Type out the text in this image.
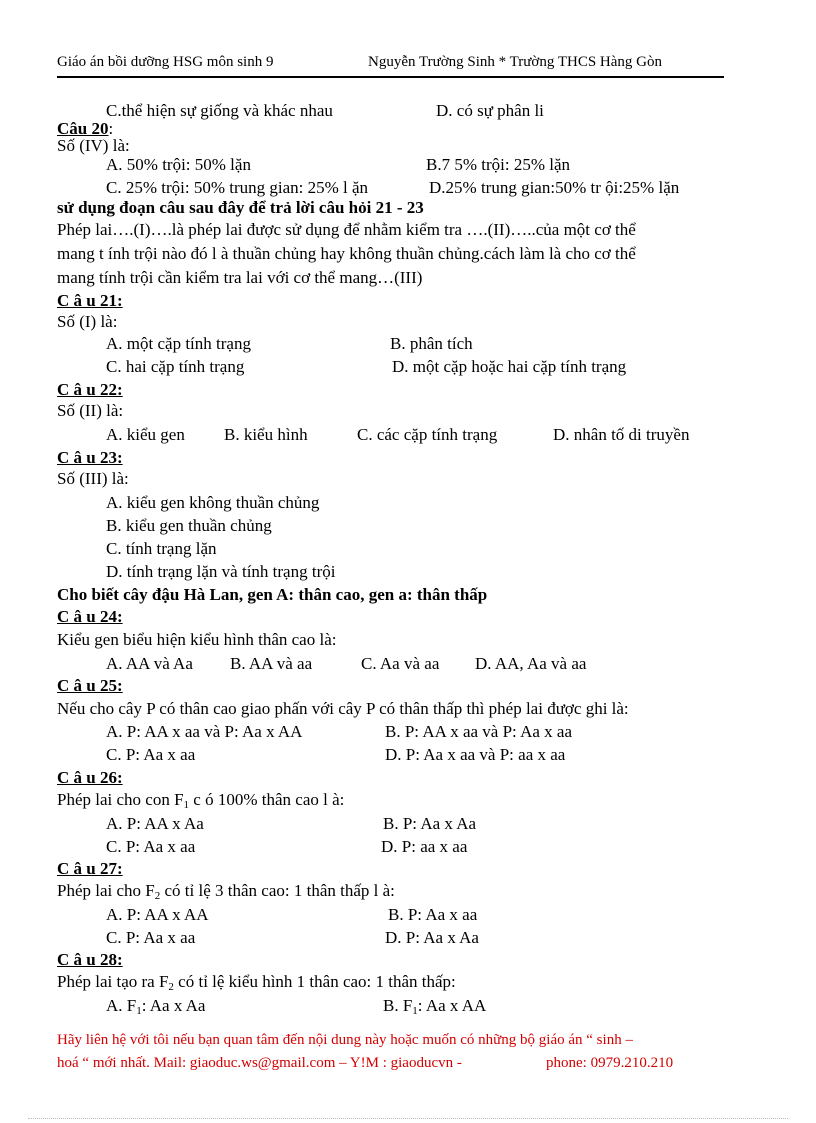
Giáo án bồi dưỡng HSG môn sinh 9	Nguyễn Trường Sinh * Trường THCS Hàng Gòn
C.thể hiện sự giống và khác nhau	D. có sự phân li
Câu 20:
Số (IV) là:
A. 50% trội: 50% lặn	B.7 5% trội: 25% lặn
C. 25% trội: 50% trung gian: 25% l ặn	D.25% trung gian:50% tr ội:25% lặn
sử dụng đoạn câu sau đây để trả lời câu hỏi 21 - 23
Phép lai….(I)….là phép lai được sử dụng để nhằm kiểm tra ….(II)…..của một cơ thể
mang t ính trội nào đó l à thuần chủng hay không thuần chủng.cách làm là cho cơ thể
mang tính trội cần kiểm tra lai với cơ thể mang…(III)
C â u 21:
Số (I) là:
A. một cặp tính trạng	B. phân tích
C. hai cặp tính trạng	D. một cặp hoặc hai cặp tính trạng
C â u 22:
Số (II) là:
A. kiểu gen B. kiểu hình	C. các cặp tính trạng	D. nhân tố di truyền
C â u 23:
Số (III) là:
A. kiểu gen không thuần chủng
B. kiểu gen thuần chủng
C. tính trạng lặn
D. tính trạng lặn và tính trạng trội
Cho biết cây đậu Hà Lan, gen A: thân cao, gen a: thân thấp
C â u 24:
Kiểu gen biểu hiện kiểu hình thân cao là:
A. AA và Aa B. AA và aa	C. Aa và aa D. AA, Aa và aa
C â u 25:
Nếu cho cây P có thân cao giao phấn với cây P có thân thấp thì phép lai được ghi là:
A. P: AA x aa và P: Aa x AA	B. P: AA x aa và P: Aa x aa
C. P: Aa x aa	D. P: Aa x aa và P: aa x aa
C â u 26:
Phép lai cho con $F_1$ c ó 100% thân cao l à:
A. P: AA x Aa	B. P: Aa x Aa
C. P: Aa x aa	D. P: aa x aa
C â u 27:
Phép lai cho $F_2$ có tỉ lệ 3 thân cao: 1 thân thấp l à:
A. P: AA x AA	B. P: Aa x aa
C. P: Aa x aa	D. P: Aa x Aa
C â u 28:
Phép lai tạo ra $F_2$ có tỉ lệ kiểu hình 1 thân cao: 1 thân thấp:
A. $F_1$: Aa x Aa	B. $F_1$: Aa x AA
Hãy liên hệ với tôi nếu bạn quan tâm đến nội dung này hoặc muốn có những bộ giáo án “ sinh –
hoá “ mới nhất. Mail: giaoduc.ws@gmail.com – Y!M : giaoducvn -	phone: 0979.210.210
